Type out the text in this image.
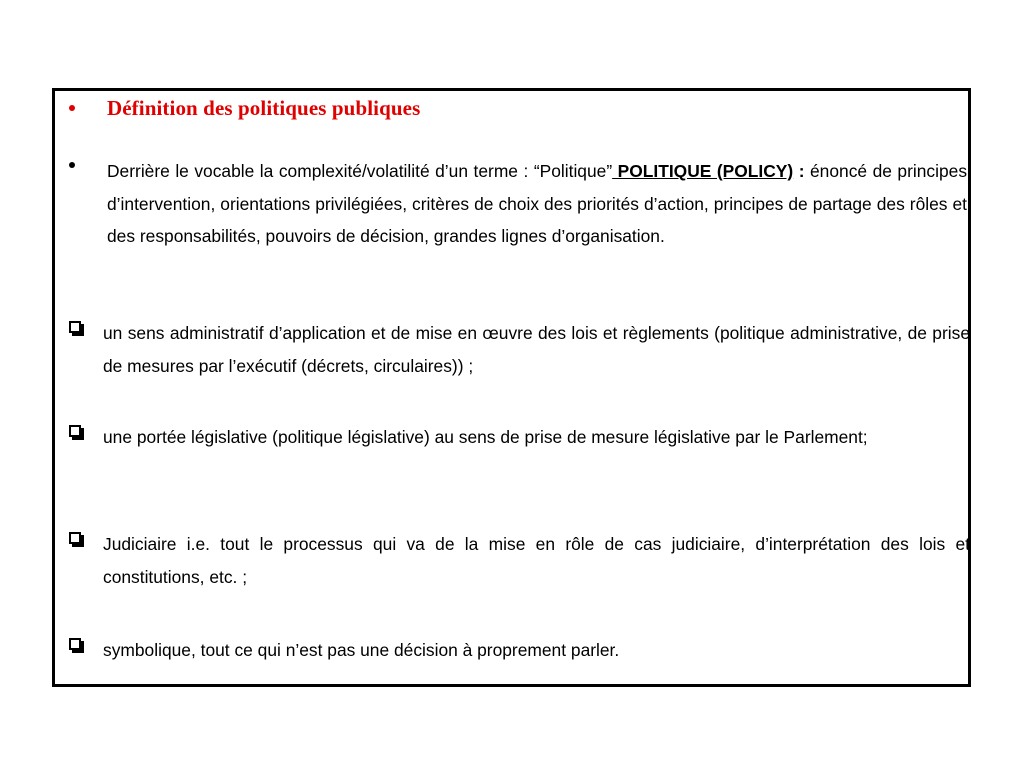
Définition des politiques publiques
Derrière le vocable la complexité/volatilité d’un terme : “Politique” POLITIQUE (POLICY) : énoncé de principes d’intervention, orientations privilégiées, critères de choix des priorités d’action, principes de partage des rôles et des responsabilités, pouvoirs de décision, grandes lignes d’organisation.
un sens administratif d’application et de mise en œuvre des lois et règlements (politique administrative, de prise de mesures par l’exécutif (décrets, circulaires)) ;
une portée législative (politique législative) au sens de prise de mesure législative par le Parlement;
Judiciaire i.e. tout le processus qui va de la mise en rôle de cas judiciaire, d’interprétation des lois et constitutions, etc. ;
symbolique, tout ce qui n’est pas une décision à proprement parler.
